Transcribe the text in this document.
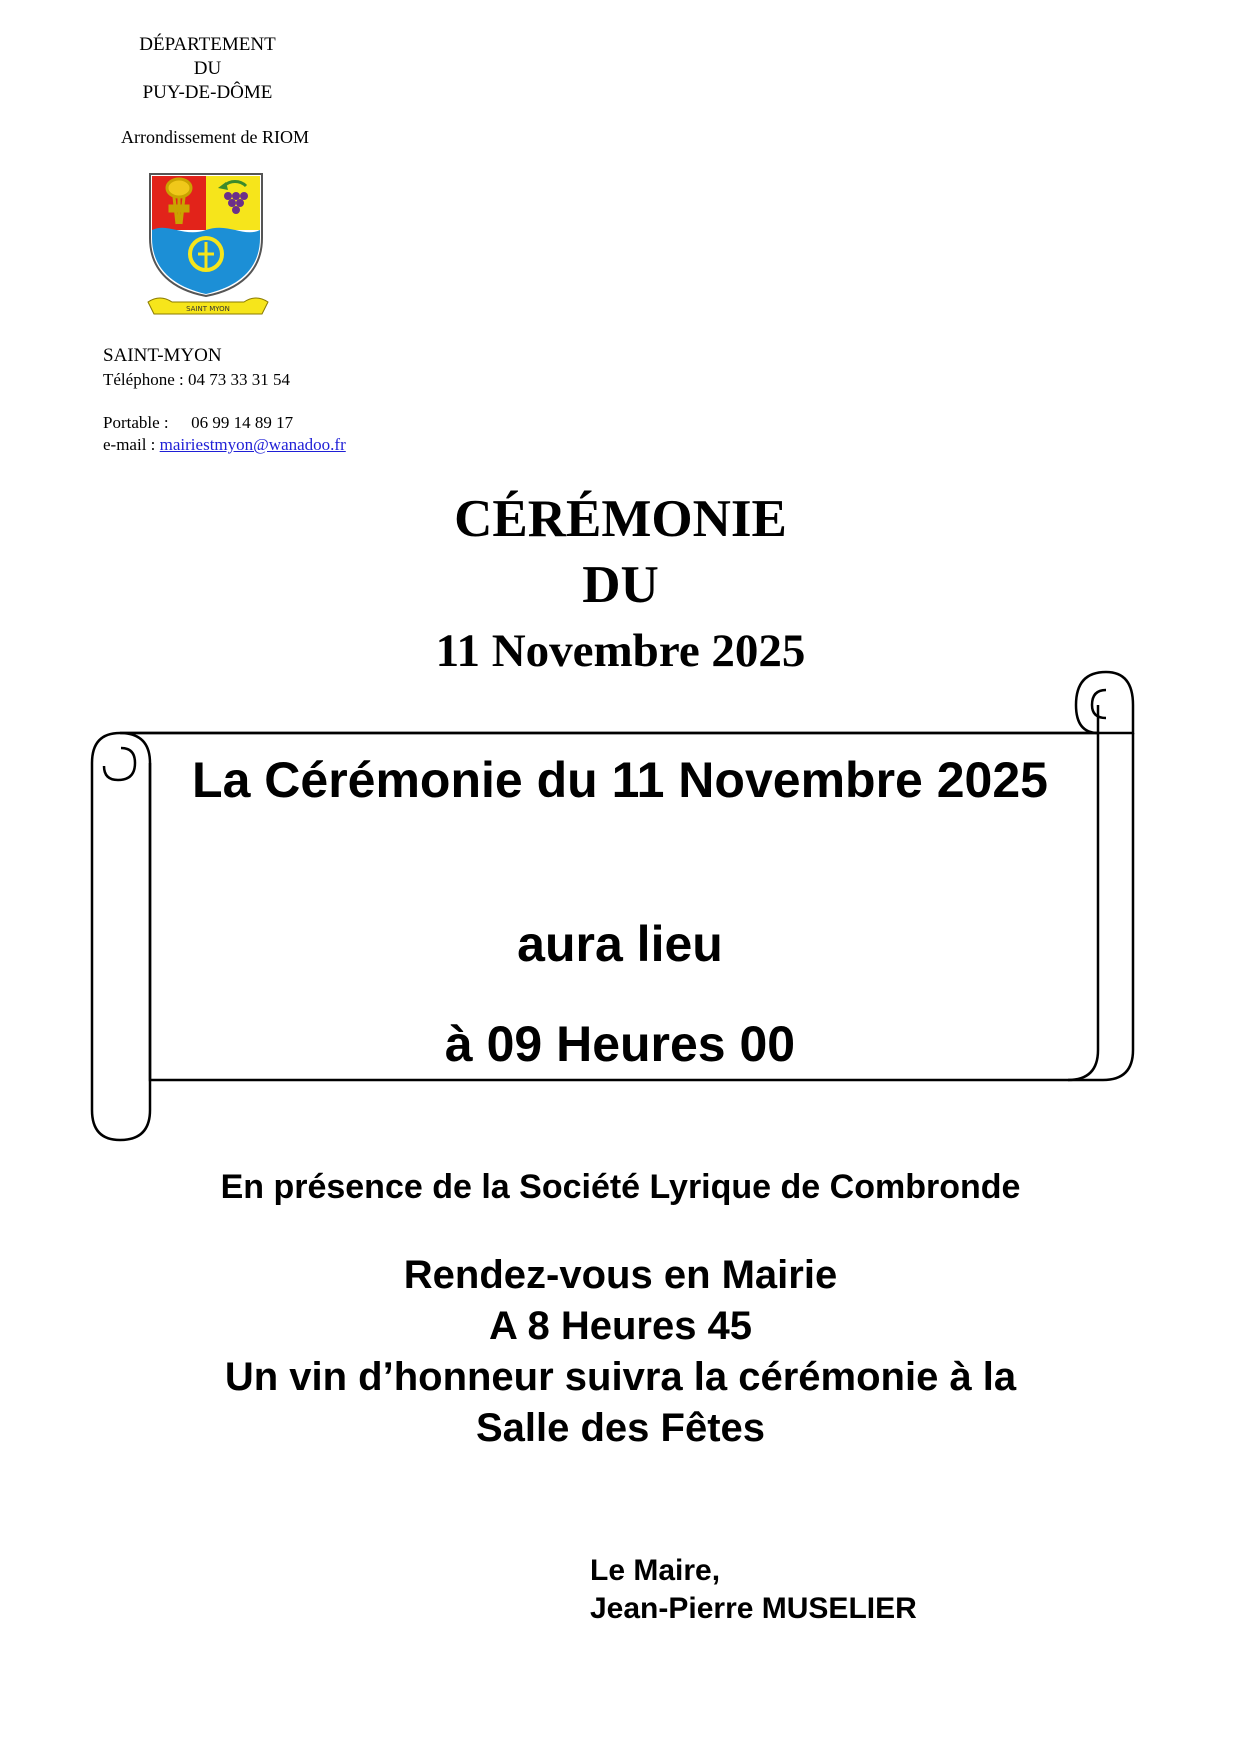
DÉPARTEMENT
DU
PUY-DE-DÔME
Arrondissement de RIOM
SAINT MYON
SAINT-MYON
Téléphone : 04 73 33 31 54
Portable : 06 99 14 89 17
e-mail : mairiestmyon@wanadoo.fr
CÉRÉMONIE
DU
11 Novembre 2025
La Cérémonie du 11 Novembre 2025
aura lieu
à 09 Heures 00
En présence de la Société Lyrique de Combronde
Rendez-vous en Mairie
A 8 Heures 45
Un vin d’honneur suivra la cérémonie à la Salle des Fêtes
Le Maire,
Jean-Pierre MUSELIER
